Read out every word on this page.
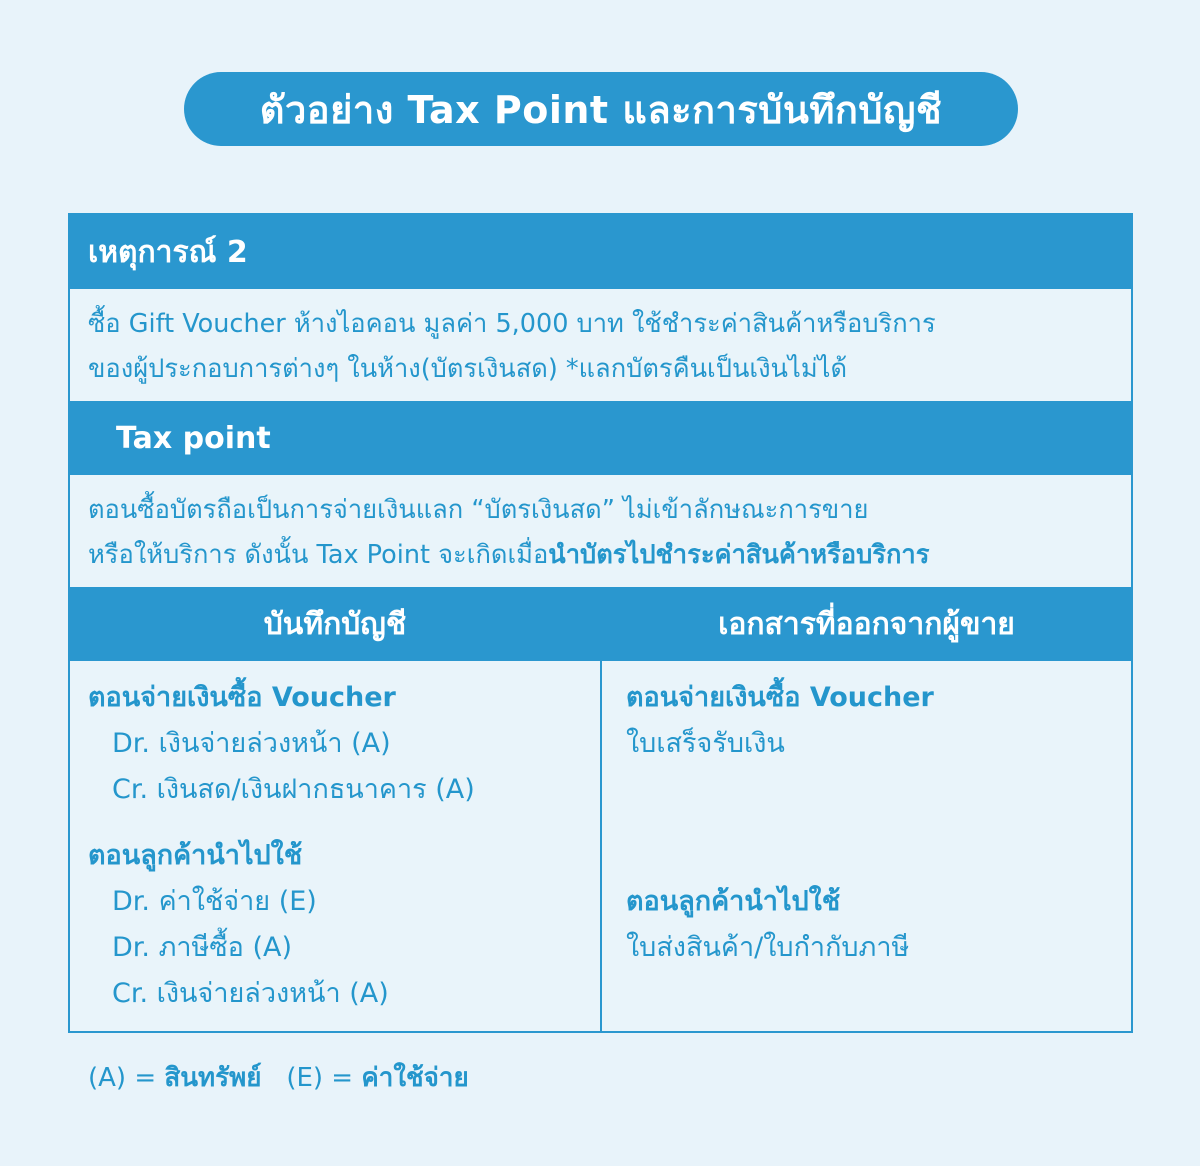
ตัวอย่าง Tax Point และการบันทึกบัญชี
เหตุการณ์ 2
ซื้อ Gift Voucher ห้างไอคอน มูลค่า 5,000 บาท ใช้ชำระค่าสินค้าหรือบริการ
ของผู้ประกอบการต่างๆ ในห้าง(บัตรเงินสด) *แลกบัตรคืนเป็นเงินไม่ได้
Tax point
ตอนซื้อบัตรถือเป็นการจ่ายเงินแลก “บัตรเงินสด” ไม่เข้าลักษณะการขาย
หรือให้บริการ ดังนั้น Tax Point จะเกิดเมื่อนำบัตรไปชำระค่าสินค้าหรือบริการ
บันทึกบัญชี	เอกสารที่ออกจากผู้ขาย
ตอนจ่ายเงินซื้อ Voucher
Dr. เงินจ่ายล่วงหน้า (A)
Cr. เงินสด/เงินฝากธนาคาร (A)
ตอนลูกค้านำไปใช้
Dr. ค่าใช้จ่าย (E)
Dr. ภาษีซื้อ (A)
Cr. เงินจ่ายล่วงหน้า (A)
ตอนจ่ายเงินซื้อ Voucher
ใบเสร็จรับเงิน
ตอนลูกค้านำไปใช้
ใบส่งสินค้า/ใบกำกับภาษี
(A) = สินทรัพย์ (E) = ค่าใช้จ่าย
